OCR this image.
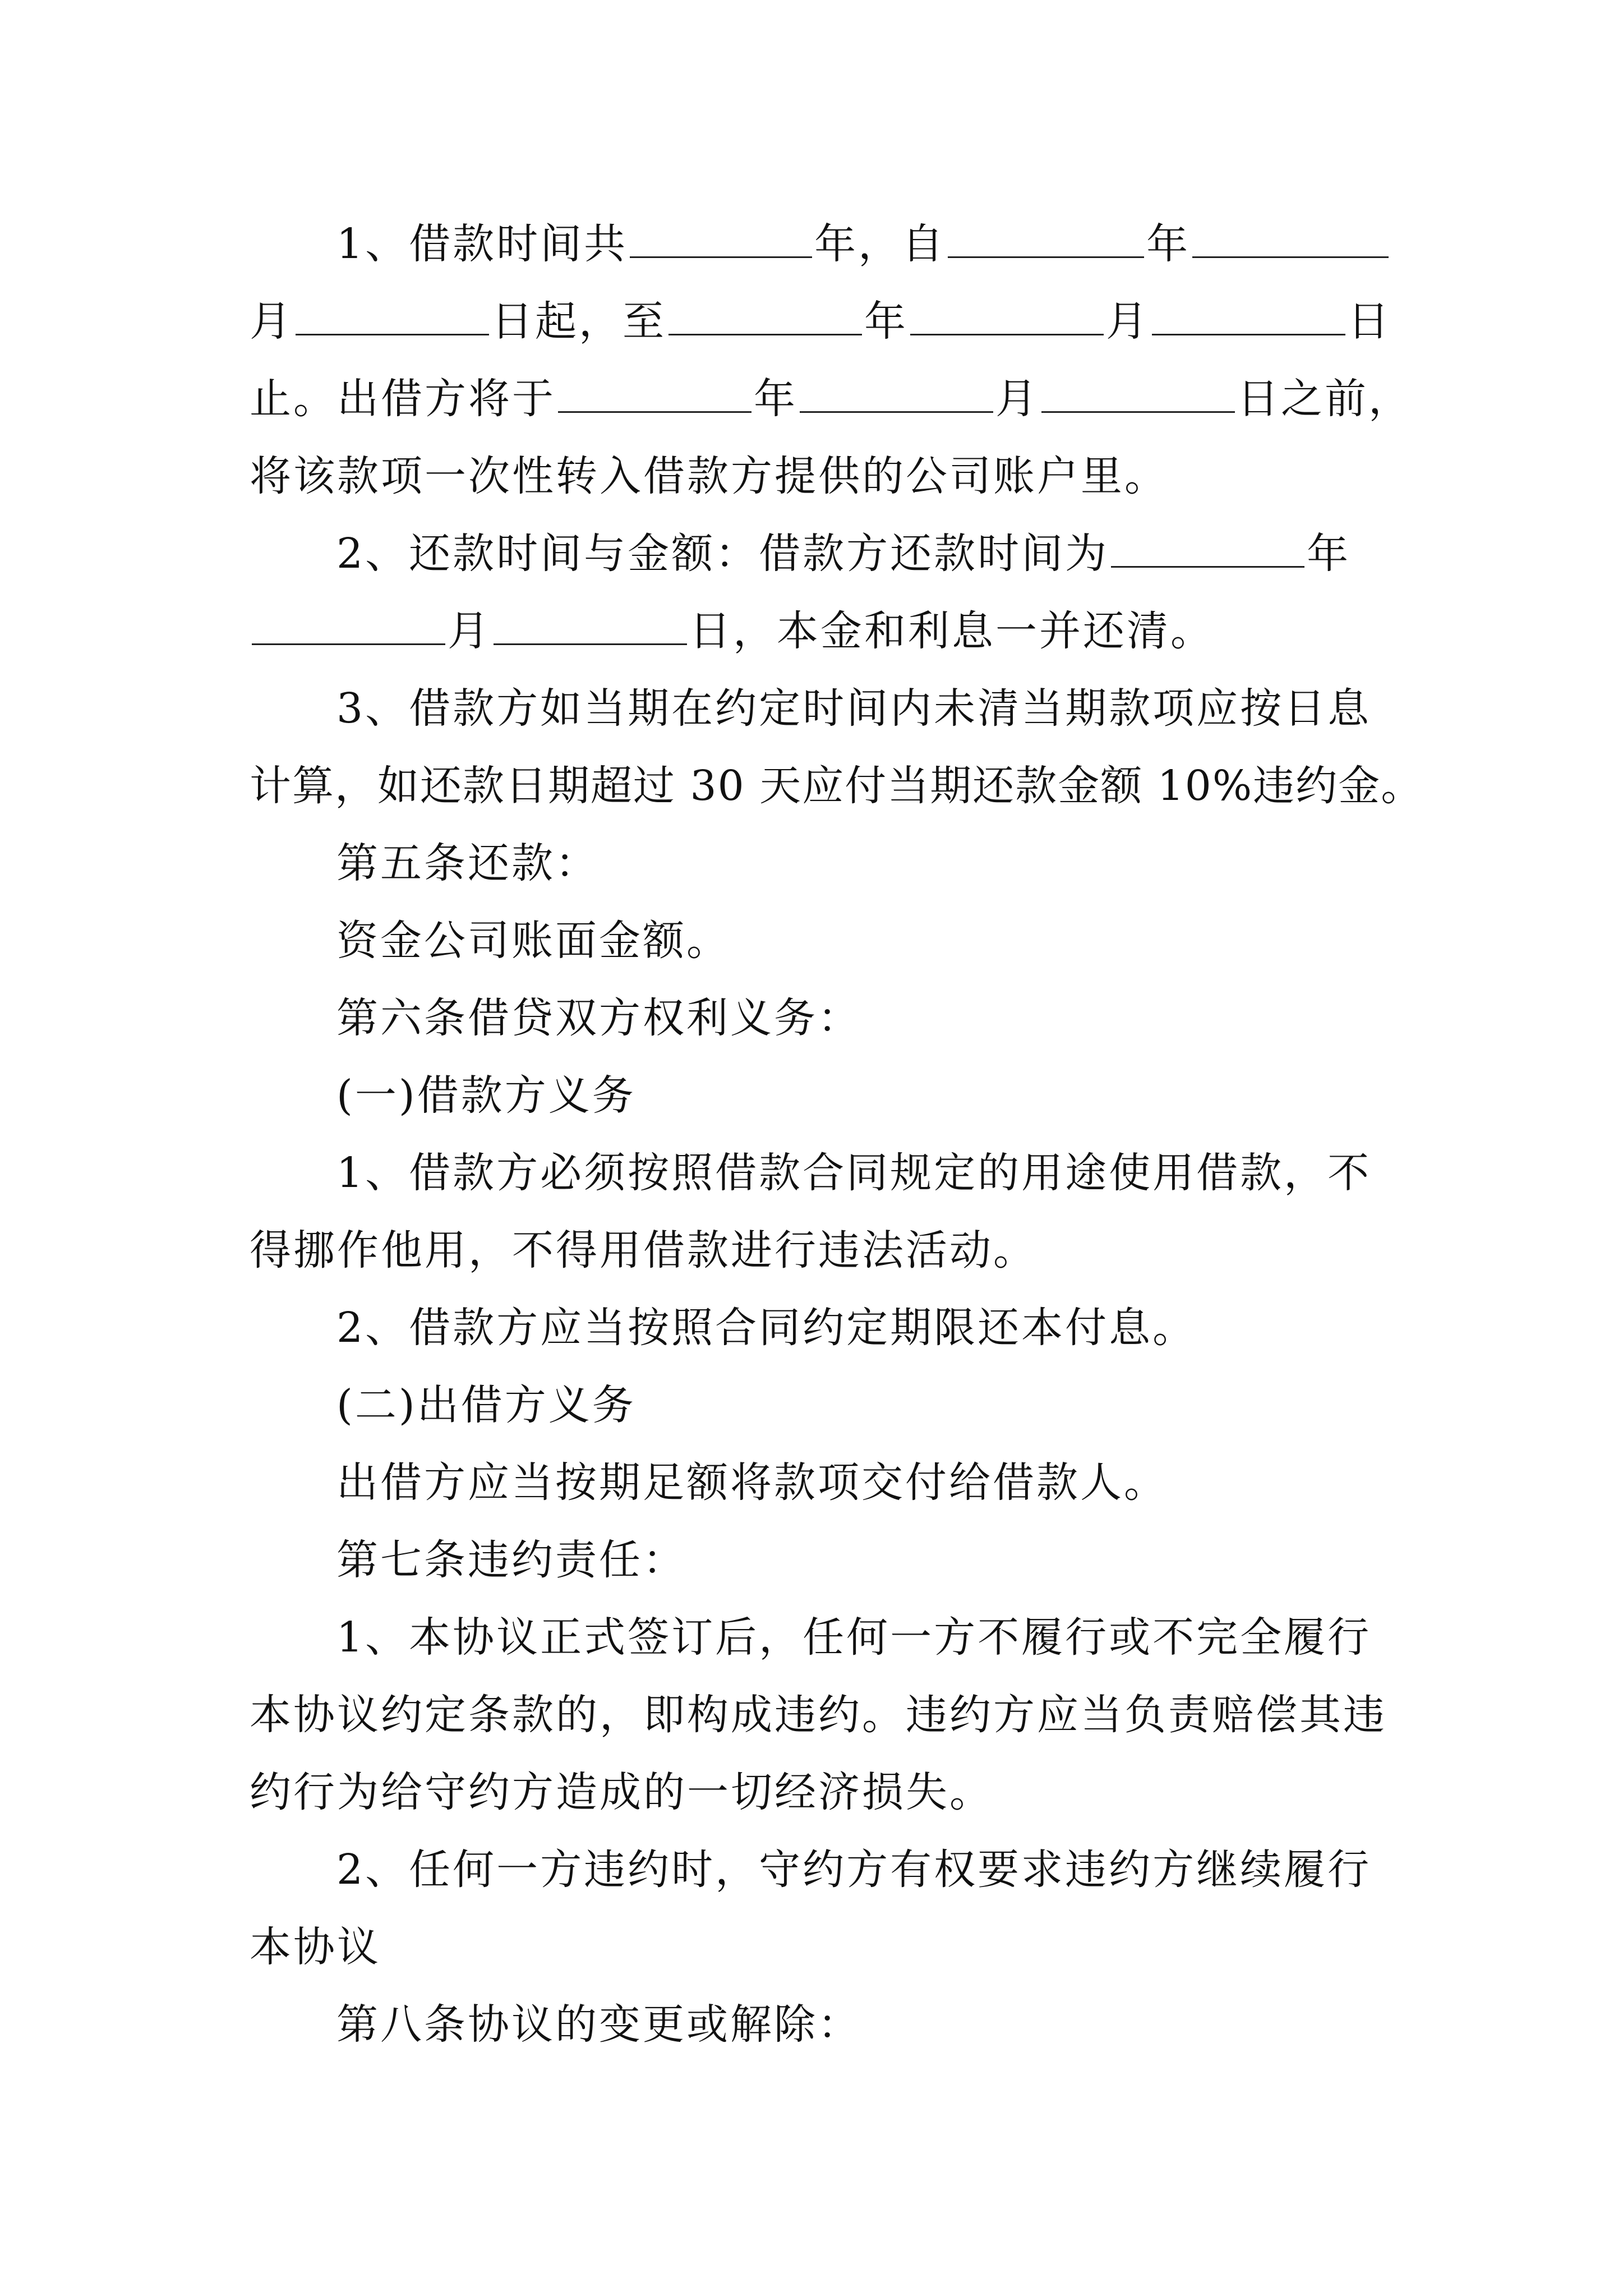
1、借款时间共	年，自	年
月	日起，至	年	月	日
止。出借方将于	年	月	日之前，
将该款项一次性转入借款方提供的公司账户里。
2、还款时间与金额：借款方还款时间为	年
月	日，本金和利息一并还清。
3、借款方如当期在约定时间内未清当期款项应按日息
计算，如还款日期超过 30 天应付当期还款金额 10%违约金。
第五条还款：
资金公司账面金额。
第六条借贷双方权利义务：
(一)借款方义务
1、借款方必须按照借款合同规定的用途使用借款，不
得挪作他用，不得用借款进行违法活动。
2、借款方应当按照合同约定期限还本付息。
(二)出借方义务
出借方应当按期足额将款项交付给借款人。
第七条违约责任：
1、本协议正式签订后，任何一方不履行或不完全履行
本协议约定条款的，即构成违约。违约方应当负责赔偿其违
约行为给守约方造成的一切经济损失。
2、任何一方违约时，守约方有权要求违约方继续履行
本协议
第八条协议的变更或解除：
